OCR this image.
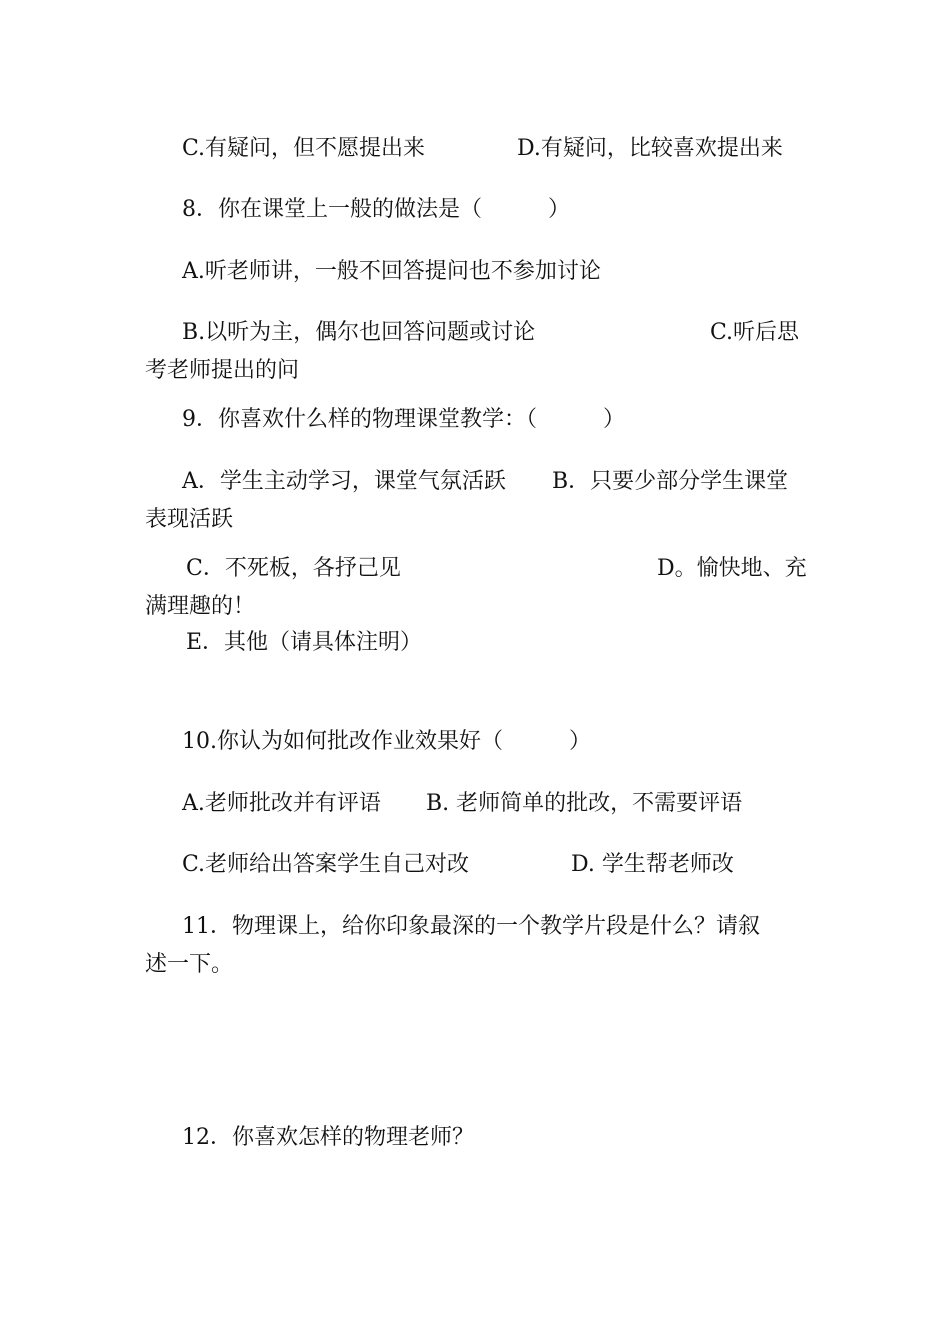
C.有疑问，但不愿提出来	D.有疑问，比较喜欢提出来
8．你在课堂上一般的做法是（　　　）
A.听老师讲，一般不回答提问也不参加讨论
B.以听为主，偶尔也回答问题或讨论	C.听后思
考老师提出的问
9．你喜欢什么样的物理课堂教学：（　　　）
A．学生主动学习，课堂气氛活跃 B．只要少部分学生课堂
表现活跃
C．不死板，各抒己见	D。愉快地、充
满理趣的！
E．其他（请具体注明）
10.你认为如何批改作业效果好（　　　）
A.老师批改并有评语 B. 老师简单的批改，不需要评语
C.老师给出答案学生自己对改	D. 学生帮老师改
11．物理课上，给你印象最深的一个教学片段是什么？请叙
述一下。
12．你喜欢怎样的物理老师？
